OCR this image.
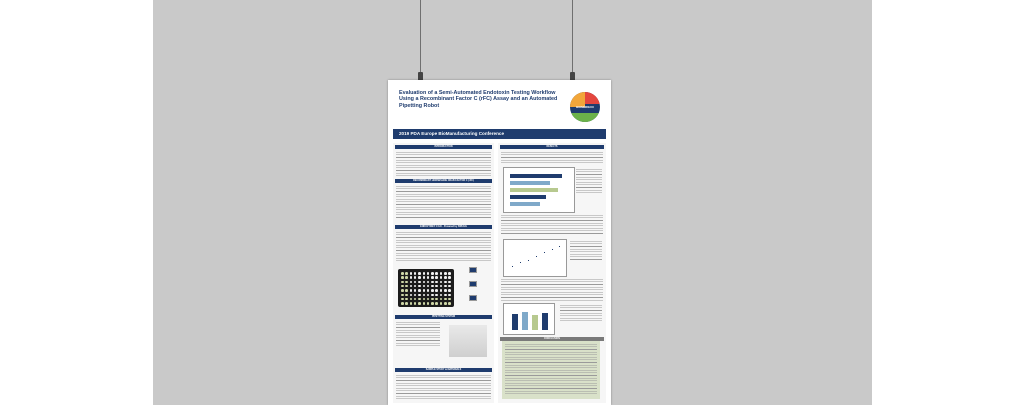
Evaluation of a Semi-Automated Endotoxin Testing Workflow Using a Recombinant Factor C (rFC) Assay and an Automated Pipetting Robot	BIOMÉRIEUX
2019 PDA Europe BioManufacturing Conference
INTRODUCTION
RECOMBINANT HORSESHOE CRAB FACTOR C (rFC)
ENDOZYME® II GO - Powered by BRUGG
PIPETTING SYSTEM
SAMPLE STUDY & MATERIALS
RESULTS
CONCLUSION
